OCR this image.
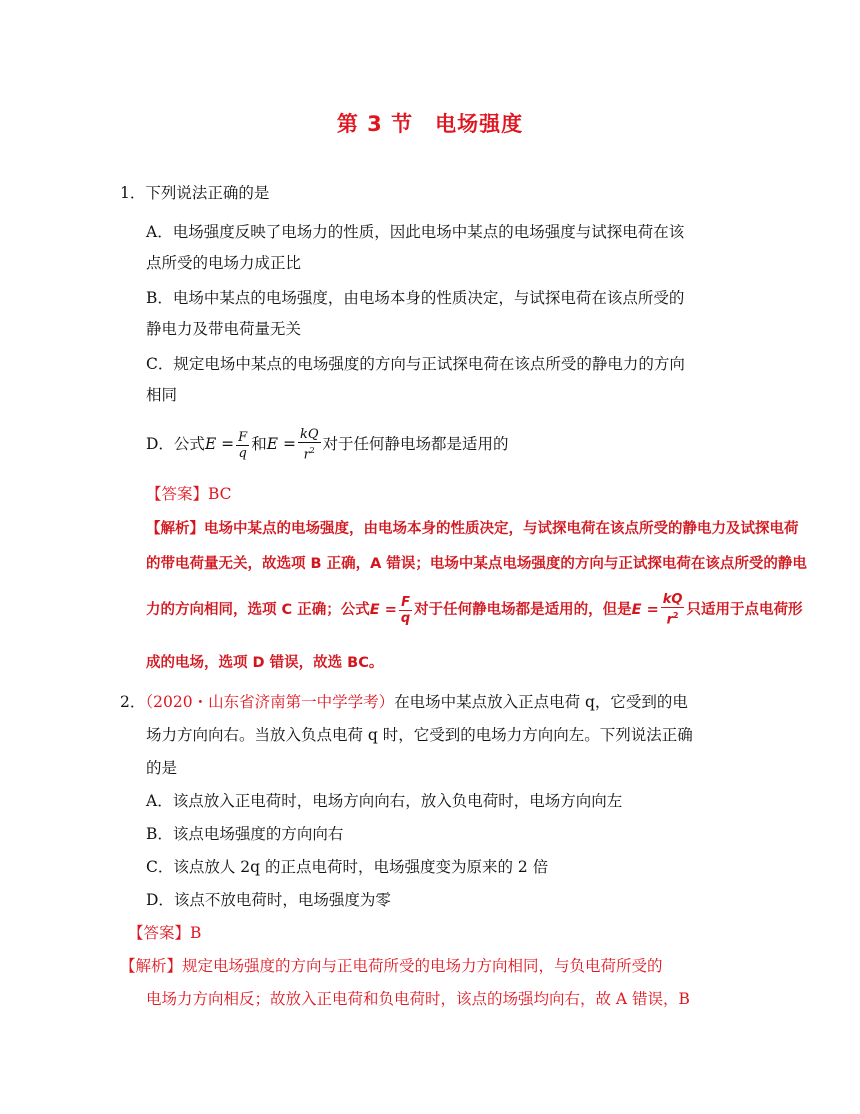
第 3 节　电场强度
1．下列说法正确的是
A．电场强度反映了电场力的性质，因此电场中某点的电场强度与试探电荷在该
点所受的电场力成正比
B．电场中某点的电场强度，由电场本身的性质决定，与试探电荷在该点所受的
静电力及带电荷量无关
C．规定电场中某点的电场强度的方向与正试探电荷在该点所受的静电力的方向
相同
D．公式$E = \frac{F}{q}$ 和$E = \frac{kQ}{r^2}$ 对于任何静电场都是适用的
【答案】BC
【解析】电场中某点的电场强度，由电场本身的性质决定，与试探电荷在该点所受的静电力及试探电荷
的带电荷量无关，故选项 B 正确，A 错误；电场中某点电场强度的方向与正试探电荷在该点所受的静电
力的方向相同，选项 C 正确；公式$E = \frac{F}{q}$ 对于任何静电场都是适用的，但是$E = \frac{kQ}{r^2}$ 只适用于点电荷形
成的电场，选项 D 错误，故选 BC。
2．（2020・山东省济南第一中学学考）在电场中某点放入正点电荷 q，它受到的电
场力方向向右。当放入负点电荷 q 时，它受到的电场力方向向左。下列说法正确
的是
A．该点放入正电荷时，电场方向向右，放入负电荷时，电场方向向左
B．该点电场强度的方向向右
C．该点放人 2q 的正点电荷时，电场强度变为原来的 2 倍
D．该点不放电荷时，电场强度为零
【答案】B
【解析】规定电场强度的方向与正电荷所受的电场力方向相同，与负电荷所受的
电场力方向相反；故放入正电荷和负电荷时，该点的场强均向右，故 A 错误，B
